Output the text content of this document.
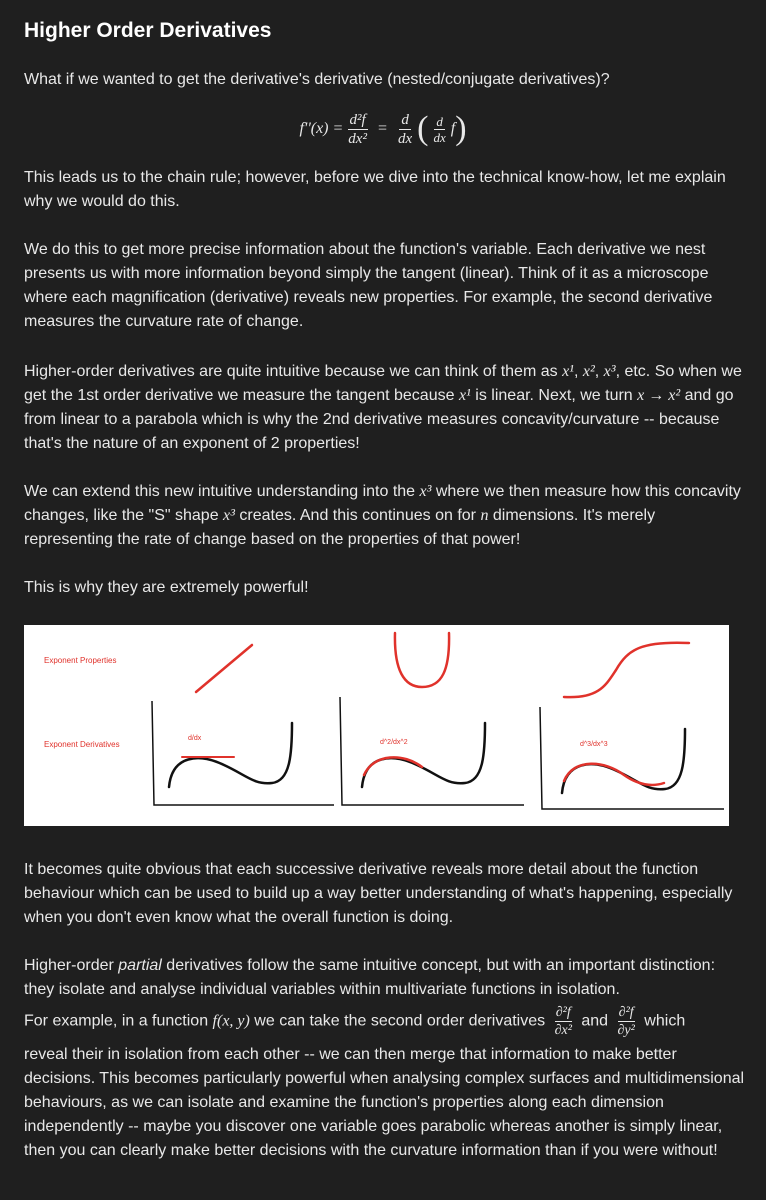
Higher Order Derivatives

What if we wanted to get the derivative's derivative (nested/conjugate derivatives)?

$f''(x) = \frac{\text{d²f}}{\text{dx²}} = \frac{d}{dx}$ ( $\frac{d}{dx}$ f )

This leads us to the chain rule; however, before we dive into the technical know-how, let me explain why we would do this.

We do this to get more precise information about the function's variable. Each derivative we nest presents us with more information beyond simply the tangent (linear). Think of it as a microscope where each magnification (derivative) reveals new properties. For example, the second derivative measures the curvature rate of change.

Higher-order derivatives are quite intuitive because we can think of them as x¹, x², x³, etc. So when we get the 1st order derivative we measure the tangent because x¹ is linear. Next, we turn x → x² and go from linear to a parabola which is why the 2nd derivative measures concavity/curvature -- because that's the nature of an exponent of 2 properties!

We can extend this new intuitive understanding into the x³ where we then measure how this concavity changes, like the "S" shape x³ creates. And this continues on for n dimensions. It's merely representing the rate of change based on the properties of that power!

This is why they are extremely powerful!

Exponent Properties
Exponent Derivatives
d/dx
d^2/dx^2	d^3/dx^3

It becomes quite obvious that each successive derivative reveals more detail about the function behaviour which can be used to build up a way better understanding of what's happening, especially when you don't even know what the overall function is doing.

Higher-order partial derivatives follow the same intuitive concept, but with an important distinction: they isolate and analyse individual variables within multivariate functions in isolation.

For example, in a function f(x, y) we can take the second order derivatives $\frac{\text{∂²f}}{\text{∂x²}}$ and $\frac{\text{∂²f}}{\text{∂y²}}$ which

reveal their in isolation from each other -- we can then merge that information to make better decisions. This becomes particularly powerful when analysing complex surfaces and multidimensional behaviours, as we can isolate and examine the function's properties along each dimension independently -- maybe you discover one variable goes parabolic whereas another is simply linear, then you can clearly make better decisions with the curvature information than if you were without!
